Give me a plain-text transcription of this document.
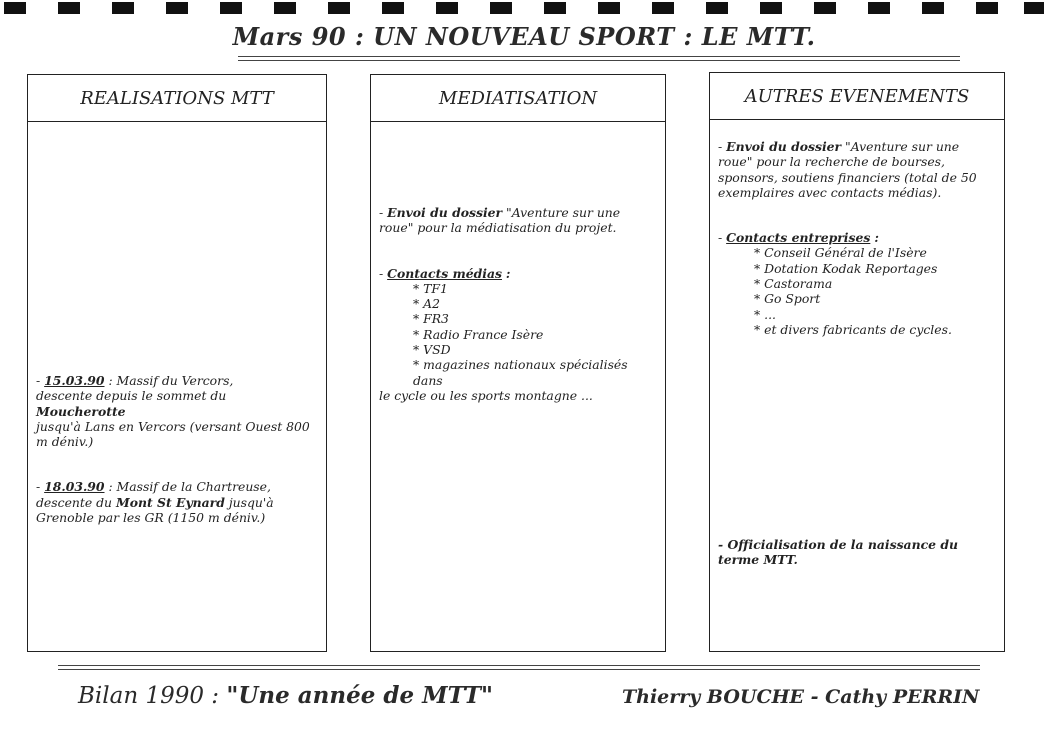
Mars 90 : UN NOUVEAU SPORT : LE MTT.
REALISATIONS MTT

- 15.03.90 : Massif du Vercors,
descente depuis le sommet du Moucherotte
jusqu'à Lans en Vercors (versant Ouest 800 m déniv.)

- 18.03.90 : Massif de la Chartreuse,
descente du Mont St Eynard jusqu'à Grenoble par les GR (1150 m déniv.)

MEDIATISATION

- Envoi du dossier "Aventure sur une roue" pour la médiatisation du projet.

- Contacts médias :

* TF1
* A2
* FR3
* Radio France Isère
* VSD
* magazines nationaux spécialisés dans
le cycle ou les sports montagne ...
AUTRES EVENEMENTS

- Envoi du dossier "Aventure sur une roue" pour la recherche de bourses, sponsors, soutiens financiers (total de 50 exemplaires avec contacts médias).

- Contacts entreprises :

* Conseil Général de l'Isère
* Dotation Kodak Reportages
* Castorama
* Go Sport
* ...
* et divers fabricants de cycles.
- Officialisation de la naissance du terme MTT.
Bilan 1990 : "Une année de MTT"	Thierry BOUCHE - Cathy PERRIN
